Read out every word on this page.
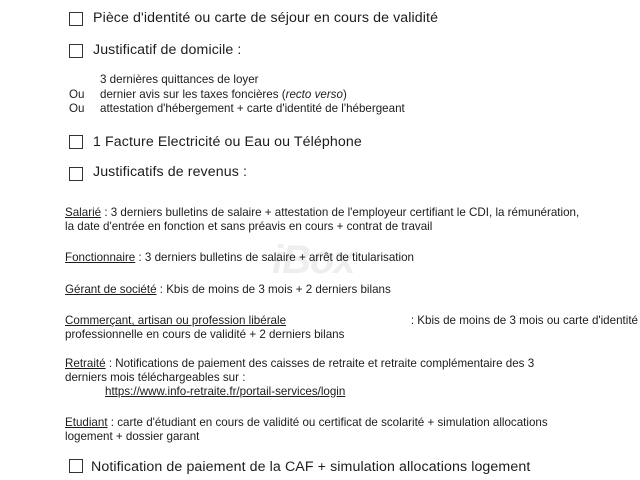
iBox
Pièce d'identité ou carte de séjour en cours de validité
Justificatif de domicile :
3 dernières quittances de loyer
Ou dernier avis sur les taxes foncières (recto verso)
Ou attestation d'hébergement + carte d'identité de l'hébergeant
1 Facture Electricité ou Eau ou Téléphone
Justificatifs de revenus :
Salarié : 3 derniers bulletins de salaire + attestation de l'employeur certifiant le CDI, la rémunération,
la date d'entrée en fonction et sans préavis en cours + contrat de travail
Fonctionnaire : 3 derniers bulletins de salaire + arrêt de titularisation
Gérant de société : Kbis de moins de 3 mois + 2 derniers bilans
Commerçant, artisan ou profession libérale	: Kbis de moins de 3 mois ou carte d'identité
professionnelle en cours de validité + 2 derniers bilans
Retraité : Notifications de paiement des caisses de retraite et retraite complémentaire des 3
derniers mois téléchargeables sur :
https://www.info-retraite.fr/portail-services/login
Etudiant : carte d'étudiant en cours de validité ou certificat de scolarité + simulation allocations
logement + dossier garant
Notification de paiement de la CAF + simulation allocations logement
